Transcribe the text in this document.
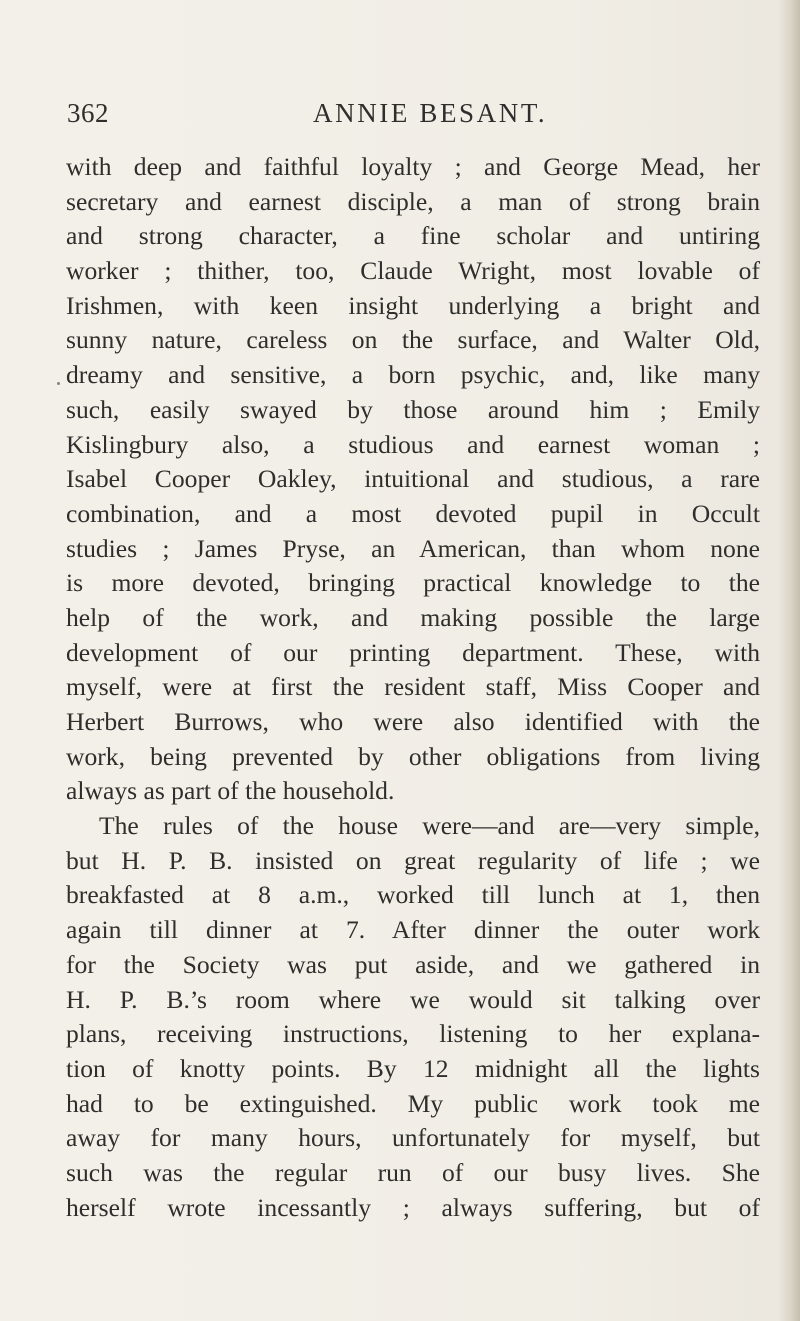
362	ANNIE BESANT.
with deep and faithful loyalty ; and George Mead, her
secretary and earnest disciple, a man of strong brain
and strong character, a fine scholar and untiring
worker ; thither, too, Claude Wright, most lovable of
Irishmen, with keen insight underlying a bright and
sunny nature, careless on the surface, and Walter Old,
dreamy and sensitive, a born psychic, and, like many
such, easily swayed by those around him ; Emily
Kislingbury also, a studious and earnest woman ;
Isabel Cooper Oakley, intuitional and studious, a rare
combination, and a most devoted pupil in Occult
studies ; James Pryse, an American, than whom none
is more devoted, bringing practical knowledge to the
help of the work, and making possible the large
development of our printing department. These, with
myself, were at first the resident staff, Miss Cooper and
Herbert Burrows, who were also identified with the
work, being prevented by other obligations from living
always as part of the household.
The rules of the house were—and are—very simple,
but H. P. B. insisted on great regularity of life ; we
breakfasted at 8 a.m., worked till lunch at 1, then
again till dinner at 7. After dinner the outer work
for the Society was put aside, and we gathered in
H. P. B.’s room where we would sit talking over
plans, receiving instructions, listening to her explana-
tion of knotty points. By 12 midnight all the lights
had to be extinguished. My public work took me
away for many hours, unfortunately for myself, but
such was the regular run of our busy lives. She
herself wrote incessantly ; always suffering, but of
